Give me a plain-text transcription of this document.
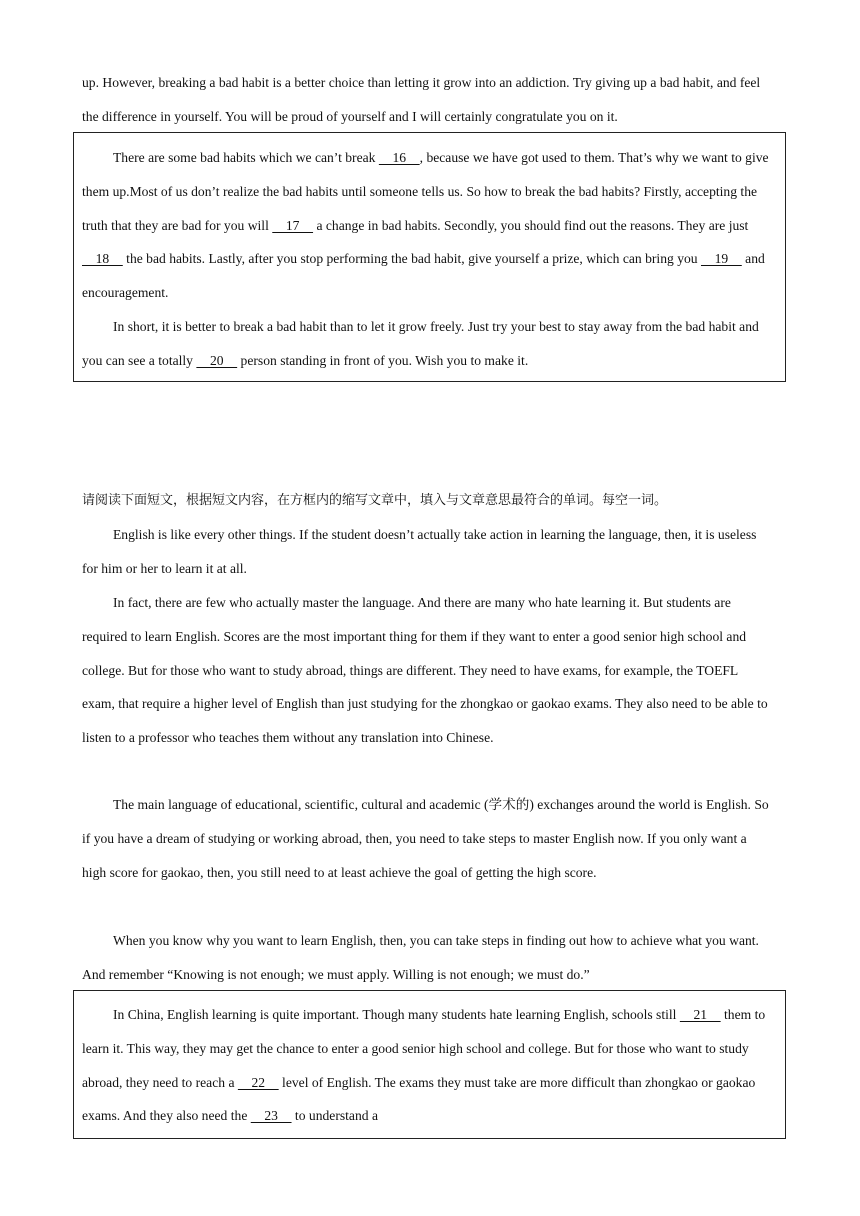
up. However, breaking a bad habit is a better choice than letting it grow into an addiction. Try giving up a bad habit, and feel the difference in yourself. You will be proud of yourself and I will certainly congratulate you on it.

There are some bad habits which we can’t break     16    , because we have got used to them. That’s why we want to give them up.Most of us don’t realize the bad habits until someone tells us. So how to break the bad habits? Firstly, accepting the truth that they are bad for you will     17     a change in bad habits. Secondly, you should find out the reasons. They are just     18     the bad habits. Lastly, after you stop performing the bad habit, give yourself a prize, which can bring you     19     and encouragement.

In short, it is better to break a bad habit than to let it grow freely. Just try your best to stay away from the bad habit and you can see a totally     20     person standing in front of you. Wish you to make it.

请阅读下面短文，根据短文内容，在方框内的缩写文章中，填入与文章意思最符合的单词。每空一词。

English is like every other things. If the student doesn’t actually take action in learning the language, then, it is useless for him or her to learn it at all.

In fact, there are few who actually master the language. And there are many who hate learning it. But students are required to learn English. Scores are the most important thing for them if they want to enter a good senior high school and college. But for those who want to study abroad, things are different. They need to have exams, for example, the TOEFL exam, that require a higher level of English than just studying for the zhongkao or gaokao exams. They also need to be able to listen to a professor who teaches them without any translation into Chinese.

The main language of educational, scientific, cultural and academic (学术的) exchanges around the world is English. So if you have a dream of studying or working abroad, then, you need to take steps to master English now. If you only want a high score for gaokao, then, you still need to at least achieve the goal of getting the high score.

When you know why you want to learn English, then, you can take steps in finding out how to achieve what you want. And remember “Knowing is not enough; we must apply. Willing is not enough; we must do.”

In China, English learning is quite important. Though many students hate learning English, schools still     21     them to learn it. This way, they may get the chance to enter a good senior high school and college. But for those who want to study abroad, they need to reach a     22     level of English. The exams they must take are more difficult than zhongkao or gaokao exams. And they also need the     23     to understand a
